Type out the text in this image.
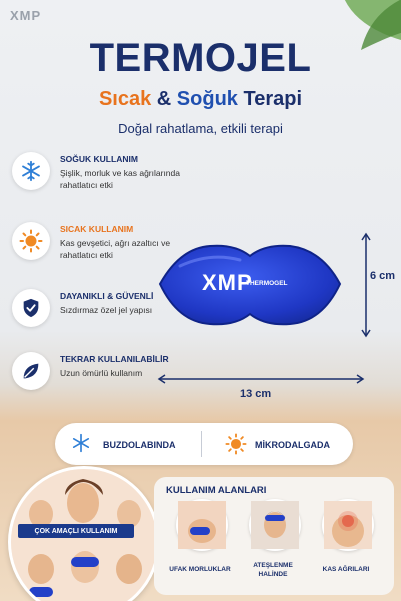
XMP
TERMOJEL
Sıcak & Soğuk Terapi
Doğal rahatlama, etkili terapi
SOĞUK KULLANIM
Şişlik, morluk ve kas ağrılarında rahatlatıcı etki
SICAK KULLANIM
Kas gevşetici, ağrı azaltıcı ve rahatlatıcı etki
DAYANIKLI & GÜVENLİ
Sızdırmaz özel jel yapısı
TEKRAR KULLANILABİLİR
Uzun ömürlü kullanım
XMP
THERMOGEL
6 cm
13 cm
BUZDOLABINDA	MİKRODALGADA
ÇOK AMAÇLI KULLANIM
KULLANIM ALANLARI
UFAK MORLUKLAR
ATEŞLENME HALİNDE
KAS AĞRILARI
